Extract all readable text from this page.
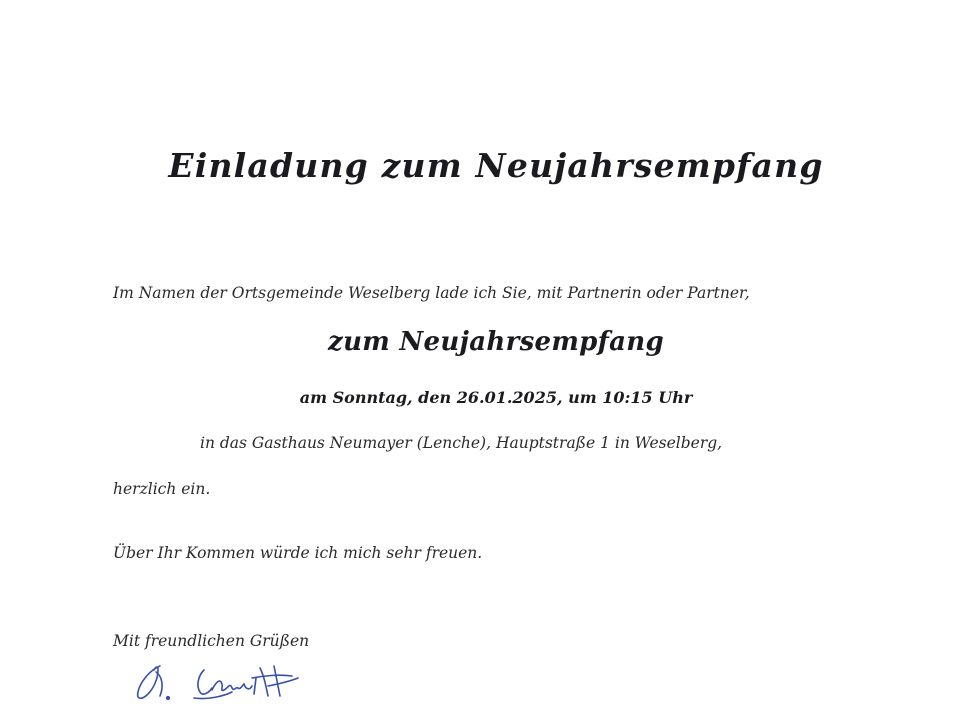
Einladung zum Neujahrsempfang
Im Namen der Ortsgemeinde Weselberg lade ich Sie, mit Partnerin oder Partner,
zum Neujahrsempfang
am Sonntag, den 26.01.2025, um 10:15 Uhr
in das Gasthaus Neumayer (Lenche), Hauptstraße 1 in Weselberg,
herzlich ein.
Über Ihr Kommen würde ich mich sehr freuen.
Mit freundlichen Grüßen
